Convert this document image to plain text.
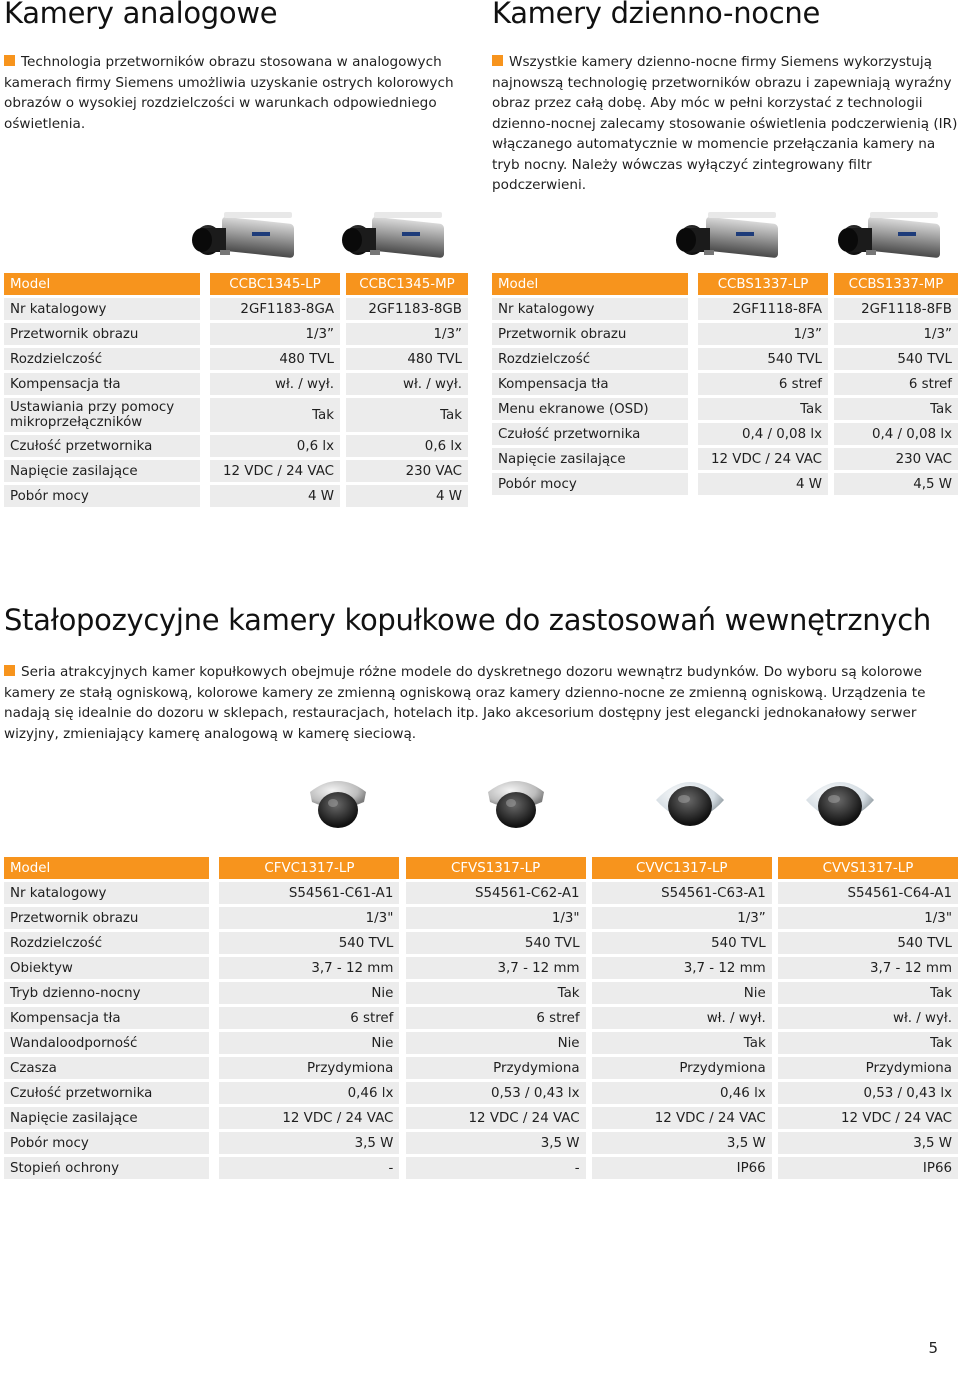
Kamery analogowe

Technologia przetworników obrazu stosowana w analogowych kamerach firmy Siemens umożliwia uzyskanie ostrych kolorowych obrazów o wysokiej rozdzielczości w warunkach odpowiedniego oświetlenia.

Kamery dzienno-nocne

Wszystkie kamery dzienno-nocne firmy Siemens wykorzystują najnowszą technologię przetworników obrazu i zapewniają wyraźny obraz przez całą dobę. Aby móc w pełni korzystać z technologii dzienno-nocnej zalecamy stosowanie oświetlenia podczerwienią (IR) włączanego automatycznie w momencie przełączania kamery na tryb nocny. Należy wówczas wyłączyć zintegrowany filtr podczerwieni.

Model		CCBC1345-LP		CCBC1345-MP
Nr katalogowy		2GF1183-8GA		2GF1183-8GB
Przetwornik obrazu		1/3”		1/3”
Rozdzielczość		480 TVL		480 TVL
Kompensacja tła		wł. / wył.		wł. / wył.
Ustawiania przy pomocy mikroprzełączników		Tak		Tak
Czułość przetwornika		0,6 lx		0,6 lx
Napięcie zasilające		12 VDC / 24 VAC		230 VAC
Pobór mocy		4 W		4 W
Model		CCBS1337-LP		CCBS1337-MP
Nr katalogowy		2GF1118-8FA		2GF1118-8FB
Przetwornik obrazu		1/3”		1/3”
Rozdzielczość		540 TVL		540 TVL
Kompensacja tła		6 stref		6 stref
Menu ekranowe (OSD)		Tak		Tak
Czułość przetwornika		0,4 / 0,08 lx		0,4 / 0,08 lx
Napięcie zasilające		12 VDC / 24 VAC		230 VAC
Pobór mocy		4 W		4,5 W
Stałopozycyjne kamery kopułkowe do zastosowań wewnętrznych

Seria atrakcyjnych kamer kopułkowych obejmuje różne modele do dyskretnego dozoru wewnątrz budynków. Do wyboru są kolorowe kamery ze stałą ogniskową, kolorowe kamery ze zmienną ogniskową oraz kamery dzienno-nocne ze zmienną ogniskową. Urządzenia te nadają się idealnie do dozoru w sklepach, restauracjach, hotelach itp. Jako akcesorium dostępny jest elegancki jednokanałowy serwer wizyjny, zmieniający kamerę analogową w kamerę sieciową.

Model		CFVC1317-LP		CFVS1317-LP		CVVC1317-LP		CVVS1317-LP
Nr katalogowy		S54561-C61-A1		S54561-C62-A1		S54561-C63-A1		S54561-C64-A1
Przetwornik obrazu		1/3"		1/3"		1/3”		1/3"
Rozdzielczość		540 TVL		540 TVL		540 TVL		540 TVL
Obiektyw		3,7 - 12 mm		3,7 - 12 mm		3,7 - 12 mm		3,7 - 12 mm
Tryb dzienno-nocny		Nie		Tak		Nie		Tak
Kompensacja tła		6 stref		6 stref		wł. / wył.		wł. / wył.
Wandaloodporność		Nie		Nie		Tak		Tak
Czasza		Przydymiona		Przydymiona		Przydymiona		Przydymiona
Czułość przetwornika		0,46 lx		0,53 / 0,43 lx		0,46 lx		0,53 / 0,43 lx
Napięcie zasilające		12 VDC / 24 VAC		12 VDC / 24 VAC		12 VDC / 24 VAC		12 VDC / 24 VAC
Pobór mocy		3,5 W		3,5 W		3,5 W		3,5 W
Stopień ochrony		-		-		IP66		IP66
5
